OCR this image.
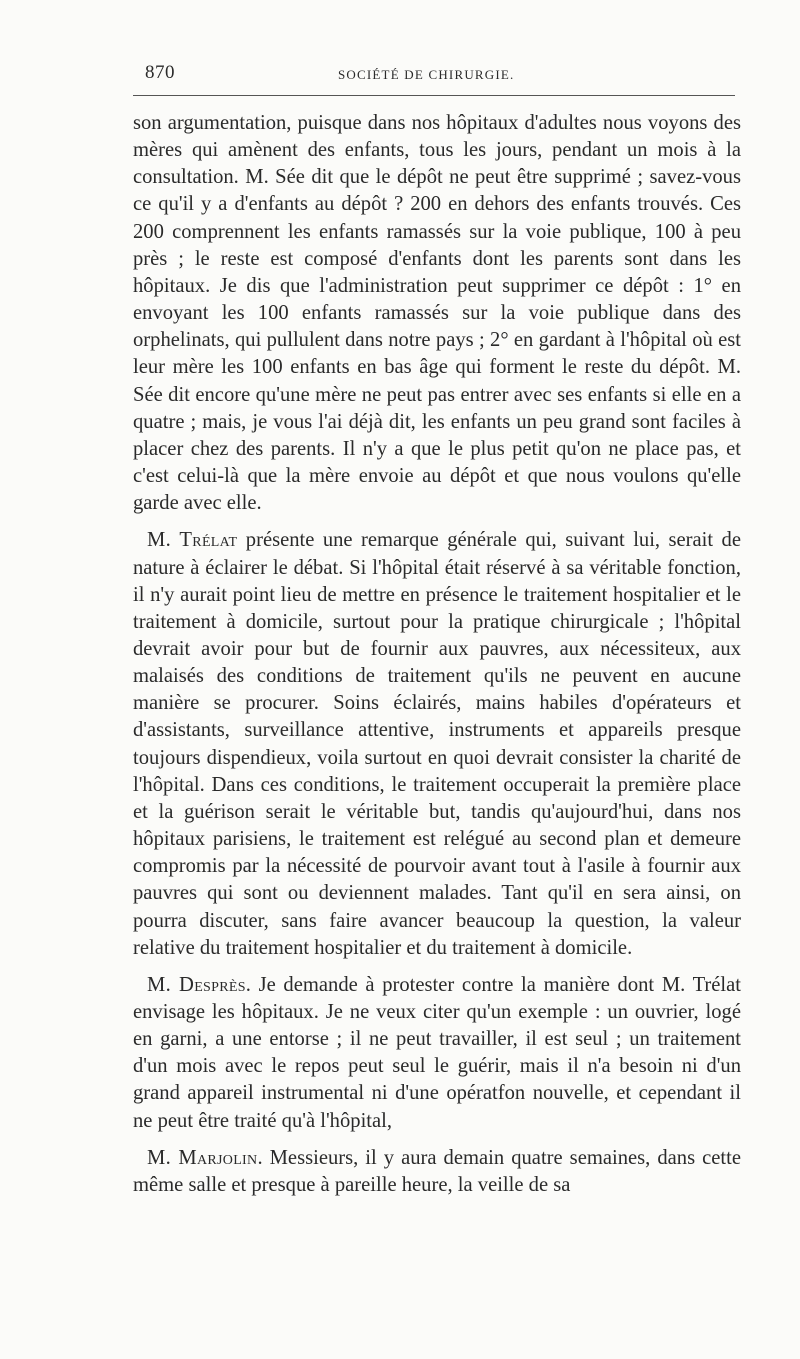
870	SOCIÉTÉ DE CHIRURGIE.

son argumentation, puisque dans nos hôpitaux d'adultes nous voyons des mères qui amènent des enfants, tous les jours, pendant un mois à la consultation. M. Sée dit que le dépôt ne peut être supprimé ; savez-vous ce qu'il y a d'enfants au dépôt ? 200 en dehors des enfants trouvés. Ces 200 comprennent les enfants ramassés sur la voie publique, 100 à peu près ; le reste est composé d'enfants dont les parents sont dans les hôpitaux. Je dis que l'administration peut supprimer ce dépôt : 1° en envoyant les 100 enfants ramassés sur la voie publique dans des orphelinats, qui pullulent dans notre pays ; 2° en gardant à l'hôpital où est leur mère les 100 enfants en bas âge qui forment le reste du dépôt. M. Sée dit encore qu'une mère ne peut pas entrer avec ses enfants si elle en a quatre ; mais, je vous l'ai déjà dit, les enfants un peu grand sont faciles à placer chez des parents. Il n'y a que le plus petit qu'on ne place pas, et c'est celui-là que la mère envoie au dépôt et que nous voulons qu'elle garde avec elle.

M. Trélat présente une remarque générale qui, suivant lui, serait de nature à éclairer le débat. Si l'hôpital était réservé à sa véritable fonction, il n'y aurait point lieu de mettre en présence le traitement hospitalier et le traitement à domicile, surtout pour la pratique chirurgicale ; l'hôpital devrait avoir pour but de fournir aux pauvres, aux nécessiteux, aux malaisés des conditions de traitement qu'ils ne peuvent en aucune manière se procurer. Soins éclairés, mains habiles d'opérateurs et d'assistants, surveillance attentive, instruments et appareils presque toujours dispendieux, voila surtout en quoi devrait consister la charité de l'hôpital. Dans ces conditions, le traitement occuperait la première place et la guérison serait le véritable but, tandis qu'aujourd'hui, dans nos hôpitaux parisiens, le traitement est relégué au second plan et demeure compromis par la nécessité de pourvoir avant tout à l'asile à fournir aux pauvres qui sont ou deviennent malades. Tant qu'il en sera ainsi, on pourra discuter, sans faire avancer beaucoup la question, la valeur relative du traitement hospitalier et du traitement à domicile.

M. Desprès. Je demande à protester contre la manière dont M. Trélat envisage les hôpitaux. Je ne veux citer qu'un exemple : un ouvrier, logé en garni, a une entorse ; il ne peut travailler, il est seul ; un traitement d'un mois avec le repos peut seul le guérir, mais il n'a besoin ni d'un grand appareil instrumental ni d'une opératfon nouvelle, et cependant il ne peut être traité qu'à l'hôpital,

M. Marjolin. Messieurs, il y aura demain quatre semaines, dans cette même salle et presque à pareille heure, la veille de sa
